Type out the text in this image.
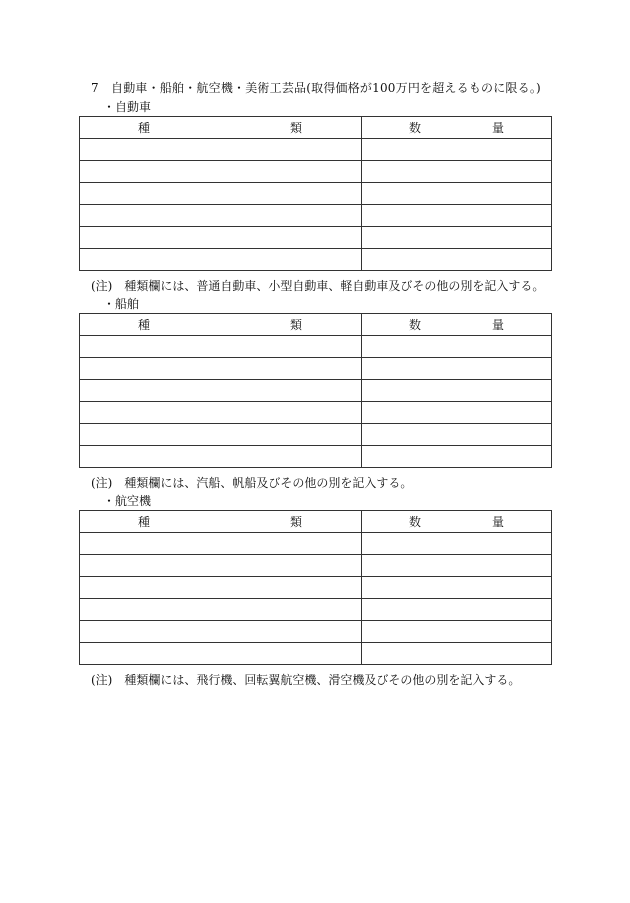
7　自動車・船舶・航空機・美術工芸品(取得価格が100万円を超えるものに限る。)
・自動車
種 類	数 量

(注)　種類欄には、普通自動車、小型自動車、軽自動車及びその他の別を記入する。
・船舶
種 類	数 量

(注)　種類欄には、汽船、帆船及びその他の別を記入する。
・航空機
種 類	数 量

(注)　種類欄には、飛行機、回転翼航空機、滑空機及びその他の別を記入する。
